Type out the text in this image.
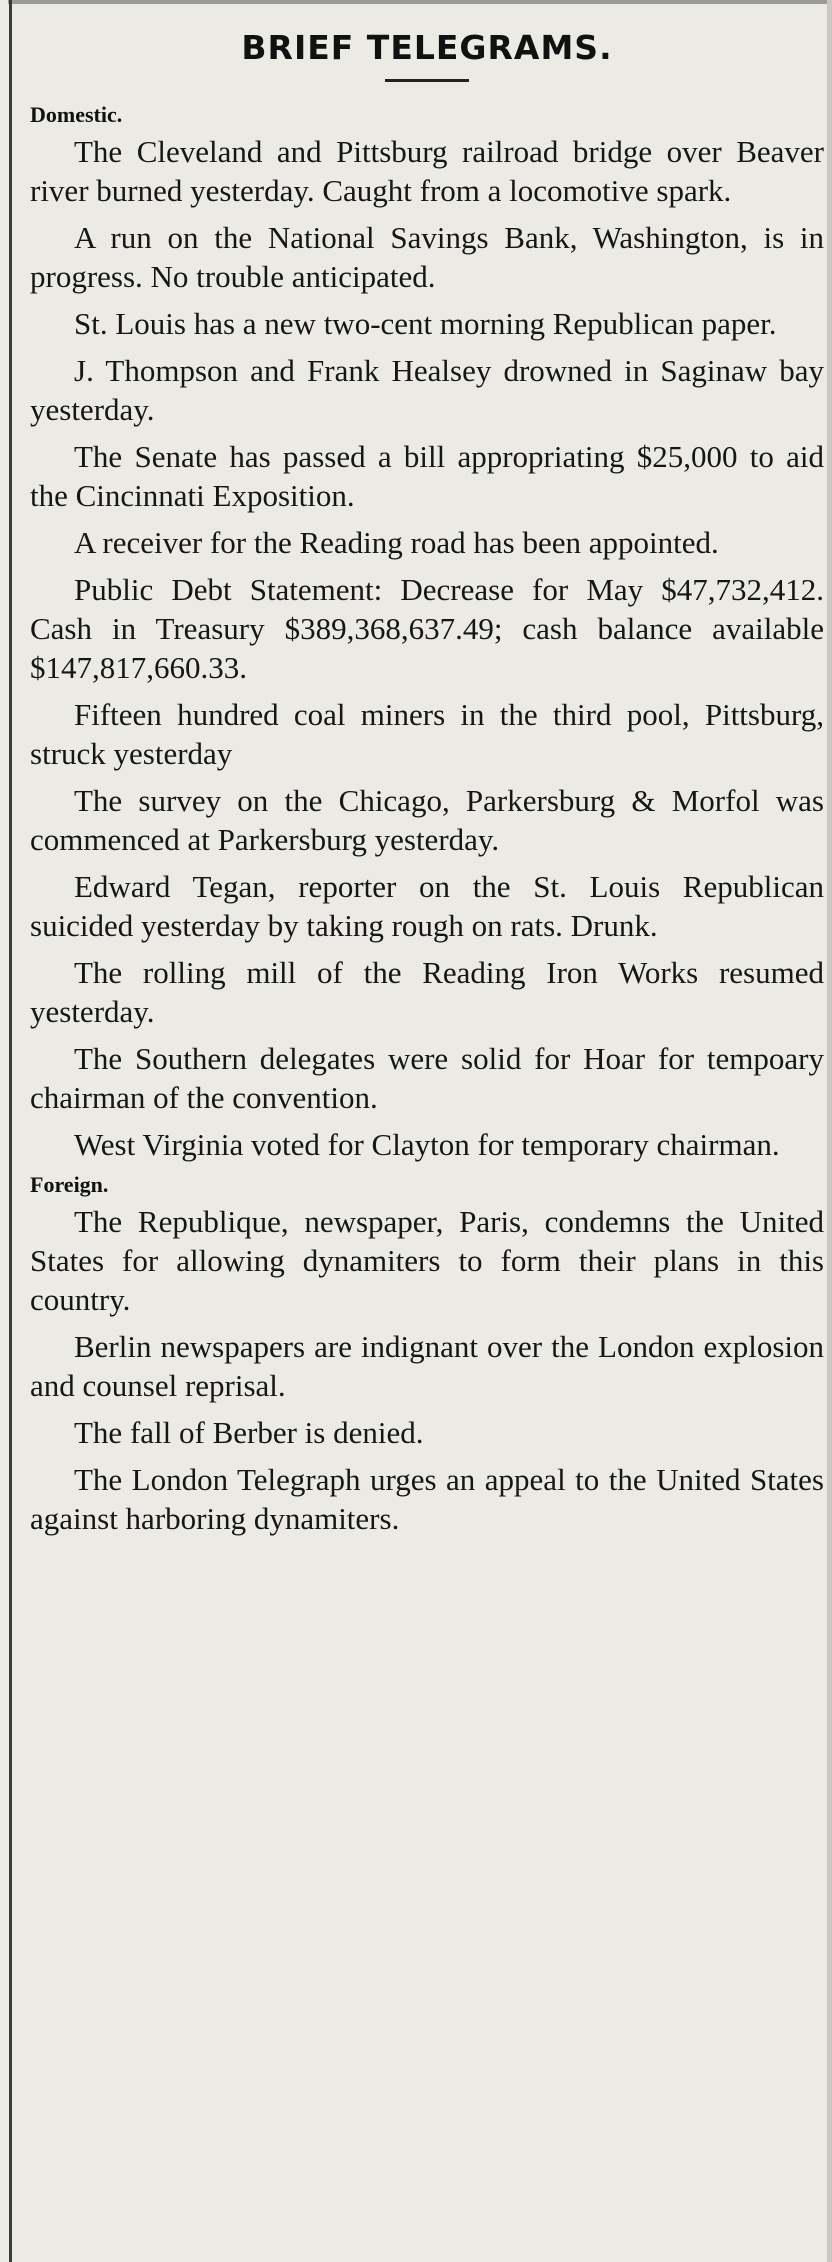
BRIEF TELEGRAMS.
Domestic.

The Cleveland and Pittsburg railroad bridge over Beaver river burned yesterday. Caught from a locomotive spark.

A run on the National Savings Bank, Washington, is in progress. No trouble anticipated.

St. Louis has a new two-cent morning Republican paper.

J. Thompson and Frank Healsey drowned in Saginaw bay yesterday.

The Senate has passed a bill appropriating $25,000 to aid the Cincinnati Exposition.

A receiver for the Reading road has been appointed.

Public Debt Statement: Decrease for May $47,732,412. Cash in Treasury $389,368,637.49; cash balance available $147,817,660.33.

Fifteen hundred coal miners in the third pool, Pittsburg, struck yesterday

The survey on the Chicago, Parkersburg & Morfol was commenced at Parkersburg yesterday.

Edward Tegan, reporter on the St. Louis Republican suicided yesterday by taking rough on rats. Drunk.

The rolling mill of the Reading Iron Works resumed yesterday.

The Southern delegates were solid for Hoar for tempoary chairman of the convention.

West Virginia voted for Clayton for temporary chairman.

Foreign.

The Republique, newspaper, Paris, condemns the United States for allowing dynamiters to form their plans in this country.

Berlin newspapers are indignant over the London explosion and counsel reprisal.

The fall of Berber is denied.

The London Telegraph urges an appeal to the United States against harboring dynamiters.
